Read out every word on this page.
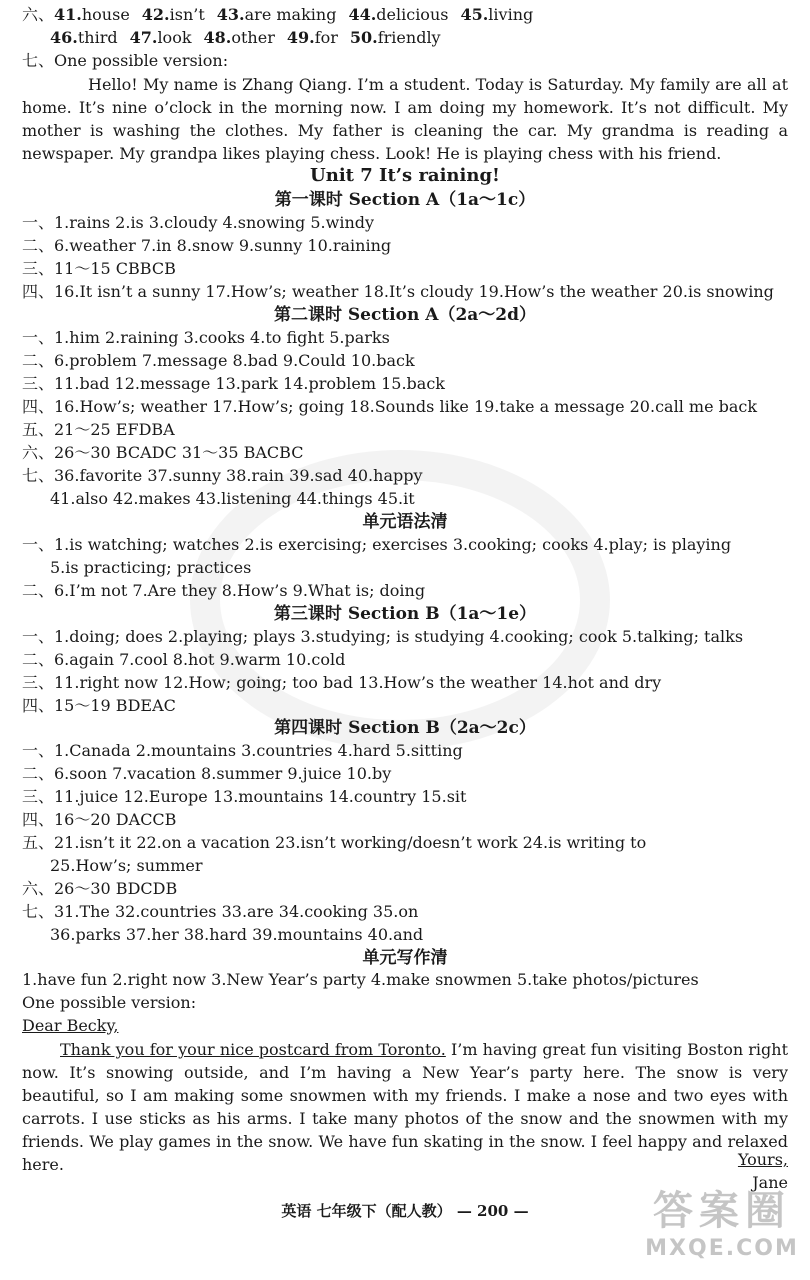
六、41.house 42.isn’t 43.are making 44.delicious 45.living
46.third 47.look 48.other 49.for 50.friendly
七、One possible version:
Hello! My name is Zhang Qiang. I’m a student. Today is Saturday. My family are all at home. It’s nine o’clock in the morning now. I am doing my homework. It’s not difficult. My mother is washing the clothes. My father is cleaning the car. My grandma is reading a newspaper. My grandpa likes playing chess. Look! He is playing chess with his friend.
Unit 7 It’s raining!
第一课时 Section A（1a～1c）
一、1.rains 2.is 3.cloudy 4.snowing 5.windy
二、6.weather 7.in 8.snow 9.sunny 10.raining
三、11～15 CBBCB
四、16.It isn’t a sunny 17.How’s; weather 18.It’s cloudy 19.How’s the weather 20.is snowing
第二课时 Section A（2a～2d）
一、1.him 2.raining 3.cooks 4.to fight 5.parks
二、6.problem 7.message 8.bad 9.Could 10.back
三、11.bad 12.message 13.park 14.problem 15.back
四、16.How’s; weather 17.How’s; going 18.Sounds like 19.take a message 20.call me back
五、21～25 EFDBA
六、26～30 BCADC 31～35 BACBC
七、36.favorite 37.sunny 38.rain 39.sad 40.happy
41.also 42.makes 43.listening 44.things 45.it
单元语法清
一、1.is watching; watches 2.is exercising; exercises 3.cooking; cooks 4.play; is playing
5.is practicing; practices
二、6.I’m not 7.Are they 8.How’s 9.What is; doing
第三课时 Section B（1a～1e）
一、1.doing; does 2.playing; plays 3.studying; is studying 4.cooking; cook 5.talking; talks
二、6.again 7.cool 8.hot 9.warm 10.cold
三、11.right now 12.How; going; too bad 13.How’s the weather 14.hot and dry
四、15～19 BDEAC
第四课时 Section B（2a～2c）
一、1.Canada 2.mountains 3.countries 4.hard 5.sitting
二、6.soon 7.vacation 8.summer 9.juice 10.by
三、11.juice 12.Europe 13.mountains 14.country 15.sit
四、16～20 DACCB
五、21.isn’t it 22.on a vacation 23.isn’t working/doesn’t work 24.is writing to
25.How’s; summer
六、26～30 BDCDB
七、31.The 32.countries 33.are 34.cooking 35.on
36.parks 37.her 38.hard 39.mountains 40.and
单元写作清
1.have fun 2.right now 3.New Year’s party 4.make snowmen 5.take photos/pictures
One possible version:
Dear Becky,
Thank you for your nice postcard from Toronto. I’m having great fun visiting Boston right now. It’s snowing outside, and I’m having a New Year’s party here. The snow is very beautiful, so I am making some snowmen with my friends. I make a nose and two eyes with carrots. I use sticks as his arms. I take many photos of the snow and the snowmen with my friends. We play games in the snow. We have fun skating in the snow. I feel happy and relaxed here.	Yours,
Jane
英语 七年级下（配人教） — 200 —	答案圈
MXQE.COM
